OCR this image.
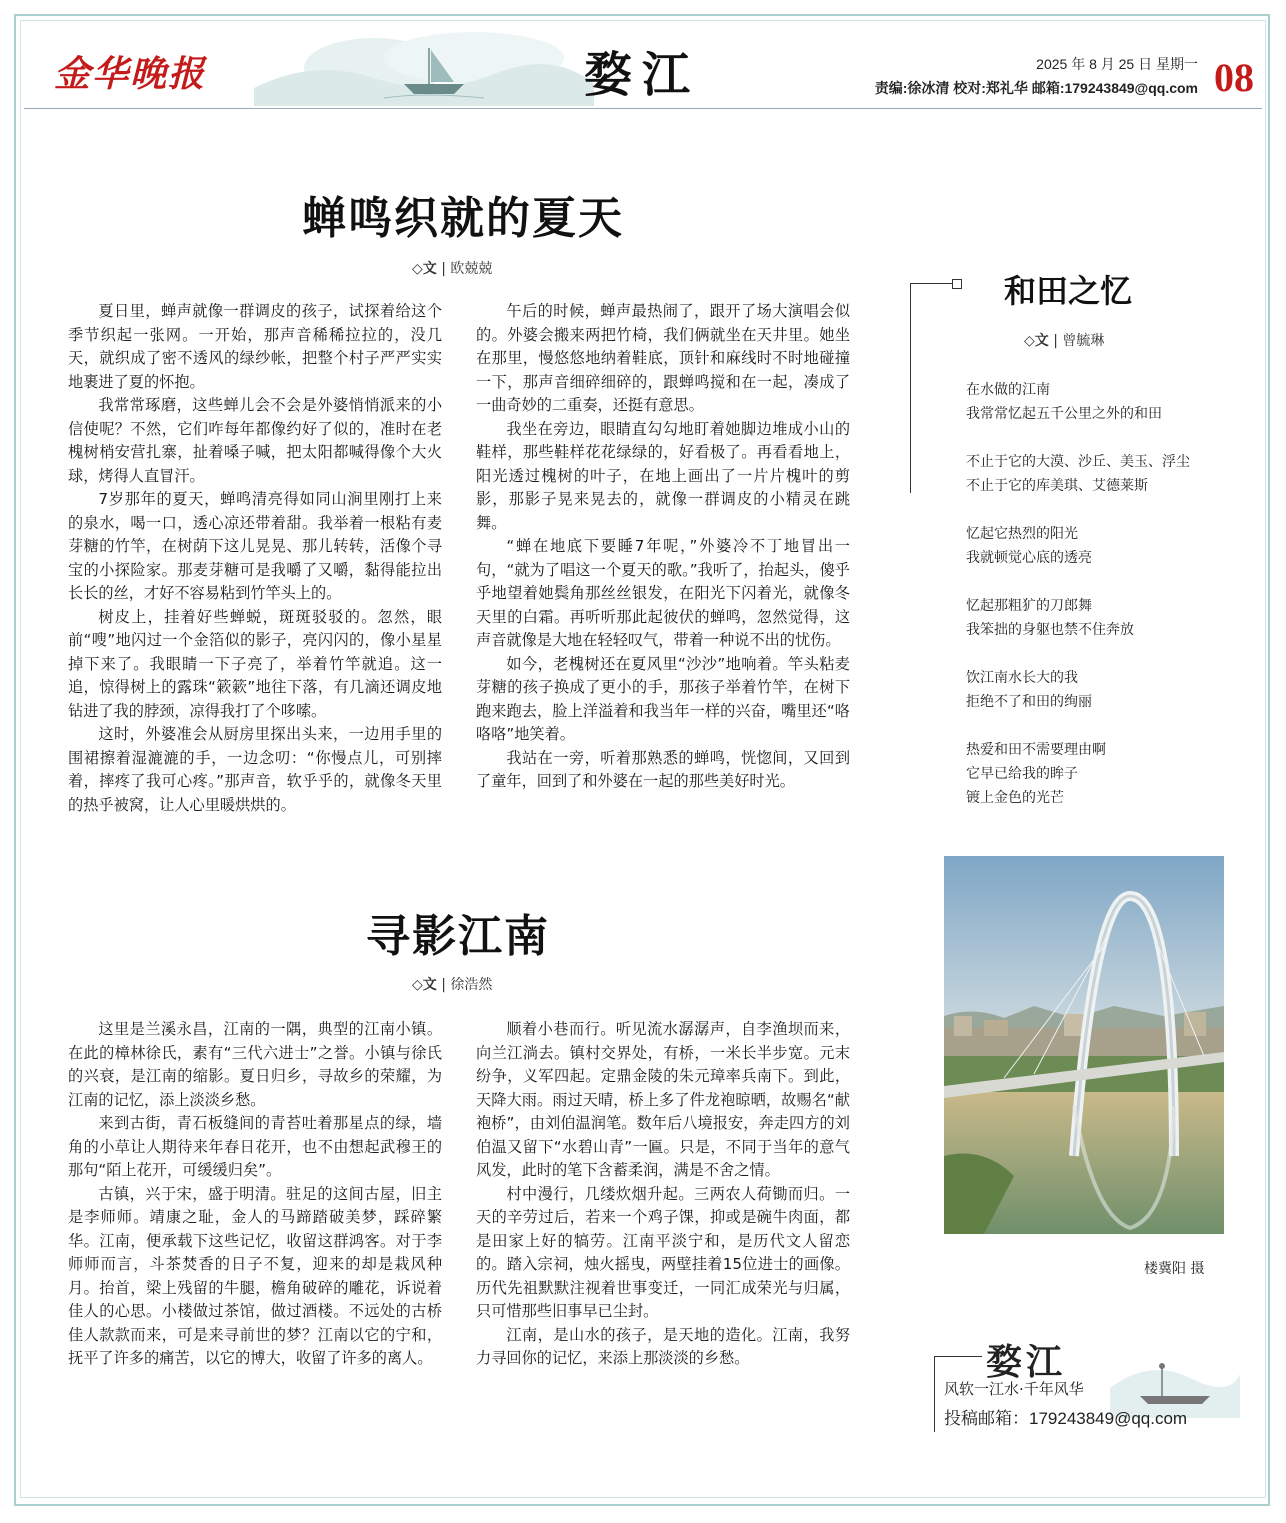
金华晚报	婺江	2025 年 8 月 25 日 星期一
责编:徐冰清 校对:郑礼华 邮箱:179243849@qq.com 08
蝉鸣织就的夏天
◇文 | 欧兢兢

夏日里，蝉声就像一群调皮的孩子，试探着给这个季节织起一张网。一开始，那声音稀稀拉拉的，没几天，就织成了密不透风的绿纱帐，把整个村子严严实实地裹进了夏的怀抱。

我常常琢磨，这些蝉儿会不会是外婆悄悄派来的小信使呢？不然，它们咋每年都像约好了似的，准时在老槐树梢安营扎寨，扯着嗓子喊，把太阳都喊得像个大火球，烤得人直冒汗。

7岁那年的夏天，蝉鸣清亮得如同山涧里刚打上来的泉水，喝一口，透心凉还带着甜。我举着一根粘有麦芽糖的竹竿，在树荫下这儿晃晃、那儿转转，活像个寻宝的小探险家。那麦芽糖可是我嚼了又嚼，黏得能拉出长长的丝，才好不容易粘到竹竿头上的。

树皮上，挂着好些蝉蜕，斑斑驳驳的。忽然，眼前“嗖”地闪过一个金箔似的影子，亮闪闪的，像小星星掉下来了。我眼睛一下子亮了，举着竹竿就追。这一追，惊得树上的露珠“簌簌”地往下落，有几滴还调皮地钻进了我的脖颈，凉得我打了个哆嗦。

这时，外婆准会从厨房里探出头来，一边用手里的围裙擦着湿漉漉的手，一边念叨：“你慢点儿，可别摔着，摔疼了我可心疼。”那声音，软乎乎的，就像冬天里的热乎被窝，让人心里暖烘烘的。

午后的时候，蝉声最热闹了，跟开了场大演唱会似的。外婆会搬来两把竹椅，我们俩就坐在天井里。她坐在那里，慢悠悠地纳着鞋底，顶针和麻线时不时地碰撞一下，那声音细碎细碎的，跟蝉鸣搅和在一起，凑成了一曲奇妙的二重奏，还挺有意思。

我坐在旁边，眼睛直勾勾地盯着她脚边堆成小山的鞋样，那些鞋样花花绿绿的，好看极了。再看看地上，阳光透过槐树的叶子，在地上画出了一片片槐叶的剪影，那影子晃来晃去的，就像一群调皮的小精灵在跳舞。

“蝉在地底下要睡7年呢，”外婆冷不丁地冒出一句，“就为了唱这一个夏天的歌。”我听了，抬起头，傻乎乎地望着她鬓角那丝丝银发，在阳光下闪着光，就像冬天里的白霜。再听听那此起彼伏的蝉鸣，忽然觉得，这声音就像是大地在轻轻叹气，带着一种说不出的忧伤。

如今，老槐树还在夏风里“沙沙”地响着。竿头粘麦芽糖的孩子换成了更小的手，那孩子举着竹竿，在树下跑来跑去，脸上洋溢着和我当年一样的兴奋，嘴里还“咯咯咯”地笑着。

我站在一旁，听着那熟悉的蝉鸣，恍惚间，又回到了童年，回到了和外婆在一起的那些美好时光。

寻影江南
◇文 | 徐浩然

这里是兰溪永昌，江南的一隅，典型的江南小镇。在此的樟林徐氏，素有“三代六进士”之誉。小镇与徐氏的兴衰，是江南的缩影。夏日归乡，寻故乡的荣耀，为江南的记忆，添上淡淡乡愁。

来到古街，青石板缝间的青苔吐着那星点的绿，墙角的小草让人期待来年春日花开，也不由想起武穆王的那句“陌上花开，可缓缓归矣”。

古镇，兴于宋，盛于明清。驻足的这间古屋，旧主是李师师。靖康之耻，金人的马蹄踏破美梦，踩碎繁华。江南，便承载下这些记忆，收留这群鸿客。对于李师师而言，斗茶焚香的日子不复，迎来的却是栽风种月。抬首，梁上残留的牛腿，檐角破碎的雕花，诉说着佳人的心思。小楼做过茶馆，做过酒楼。不远处的古桥佳人款款而来，可是来寻前世的梦？江南以它的宁和，抚平了许多的痛苦，以它的博大，收留了许多的离人。

顺着小巷而行。听见流水潺潺声，自李渔坝而来，向兰江淌去。镇村交界处，有桥，一米长半步宽。元末纷争，义军四起。定鼎金陵的朱元璋率兵南下。到此，天降大雨。雨过天晴，桥上多了件龙袍晾晒，故赐名“献袍桥”，由刘伯温润笔。数年后八境报安，奔走四方的刘伯温又留下“水碧山青”一匾。只是，不同于当年的意气风发，此时的笔下含蓄柔润，满是不舍之情。

村中漫行，几缕炊烟升起。三两农人荷锄而归。一天的辛劳过后，若来一个鸡子馃，抑或是碗牛肉面，都是田家上好的犒劳。江南平淡宁和，是历代文人留恋的。踏入宗祠，烛火摇曳，两壁挂着15位进士的画像。历代先祖默默注视着世事变迁，一同汇成荣光与归属，只可惜那些旧事早已尘封。

江南，是山水的孩子，是天地的造化。江南，我努力寻回你的记忆，来添上那淡淡的乡愁。

和田之忆
◇文 | 曾毓琳
在水做的江南
我常常忆起五千公里之外的和田
不止于它的大漠、沙丘、美玉、浮尘
不止于它的库美琪、艾德莱斯
忆起它热烈的阳光
我就顿觉心底的透亮
忆起那粗犷的刀郎舞
我笨拙的身躯也禁不住奔放
饮江南水长大的我
拒绝不了和田的绚丽
热爱和田不需要理由啊
它早已给我的眸子
镀上金色的光芒
楼冀阳 摄
婺江
风软一江水·千年风华
投稿邮箱：179243849@qq.com
